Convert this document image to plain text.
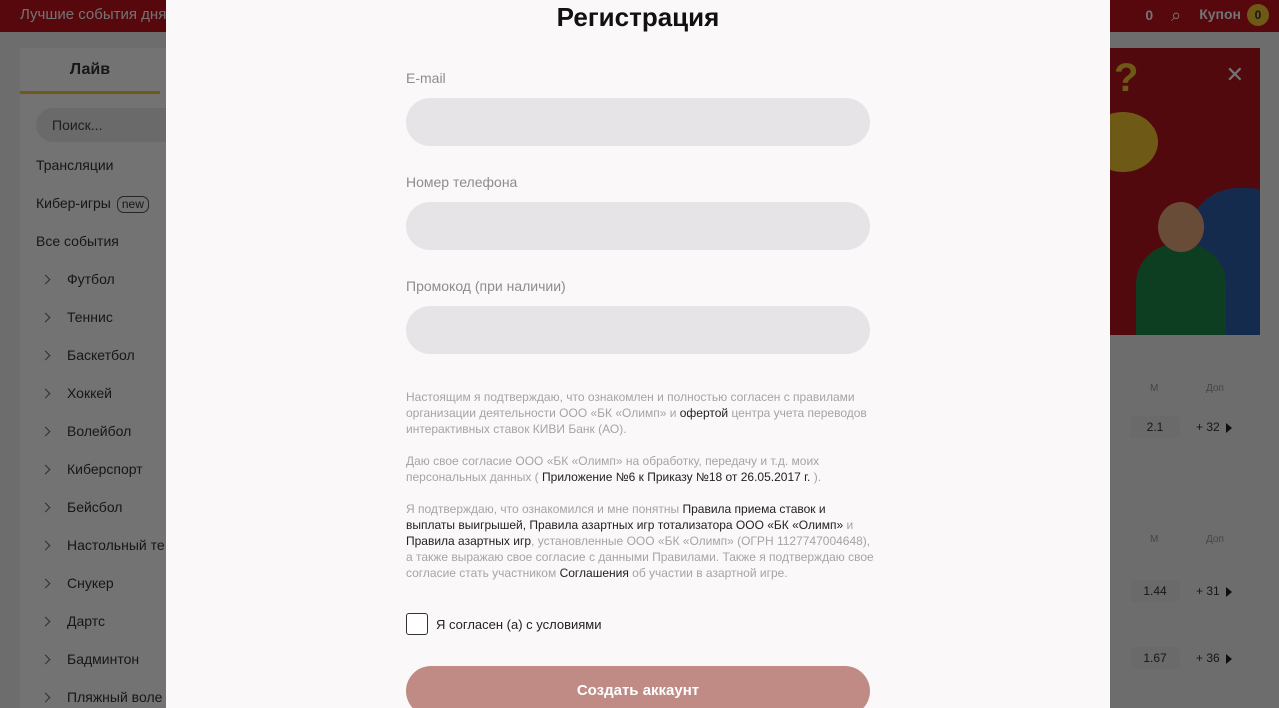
Регистрация
E-mail
Номер телефона
Промокод (при наличии)

Настоящим я подтверждаю, что ознакомлен и полностью согласен с правилами организации деятельности ООО «БК «Олимп» и офертой центра учета переводов интерактивных ставок КИВИ Банк (АО).

Даю свое согласие ООО «БК «Олимп» на обработку, передачу и т.д. моих персональных данных ( Приложение №6 к Приказу №18 от 26.05.2017 г. ).

Я подтверждаю, что ознакомился и мне понятны Правила приема ставок и выплаты выигрышей, Правила азартных игр тотализатора ООО «БК «Олимп» и Правила азартных игр, установленные ООО «БК «Олимп» (ОГРН 1127747004648), а также выражаю свое согласие с данными Правилами. Также я подтверждаю свое согласие стать участником Соглашения об участии в азартной игре.

Я согласен (а) с условиями
Создать аккаунт
